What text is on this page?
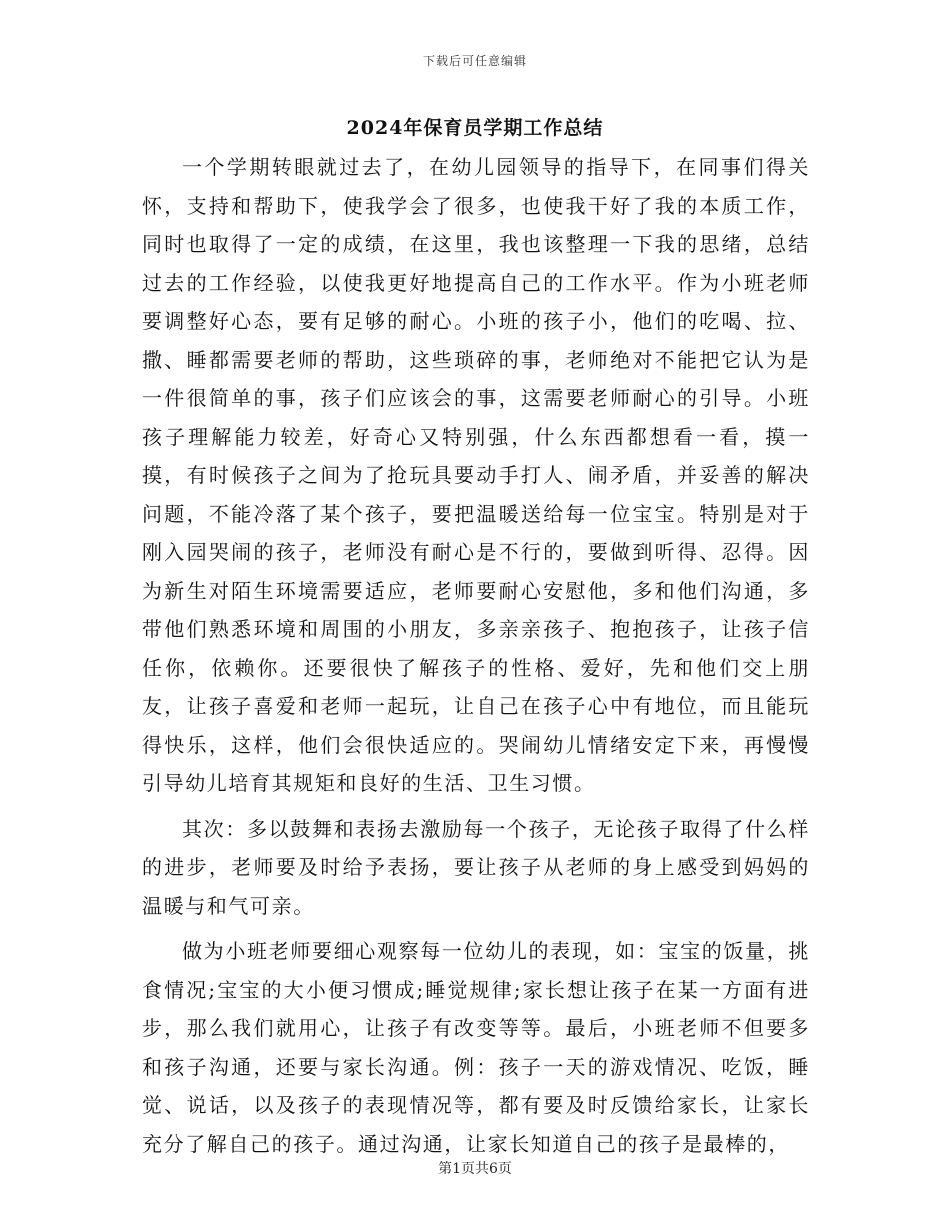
下载后可任意编辑
2024年保育员学期工作总结

一个学期转眼就过去了，在幼儿园领导的指导下，在同事们得关怀，支持和帮助下，使我学会了很多，也使我干好了我的本质工作，同时也取得了一定的成绩，在这里，我也该整理一下我的思绪，总结过去的工作经验，以使我更好地提高自己的工作水平。作为小班老师要调整好心态，要有足够的耐心。小班的孩子小，他们的吃喝、拉、撒、睡都需要老师的帮助，这些琐碎的事，老师绝对不能把它认为是一件很简单的事，孩子们应该会的事，这需要老师耐心的引导。小班孩子理解能力较差，好奇心又特别强，什么东西都想看一看，摸一摸，有时候孩子之间为了抢玩具要动手打人、闹矛盾，并妥善的解决问题，不能冷落了某个孩子，要把温暖送给每一位宝宝。特别是对于刚入园哭闹的孩子，老师没有耐心是不行的，要做到听得、忍得。因为新生对陌生环境需要适应，老师要耐心安慰他，多和他们沟通，多带他们熟悉环境和周围的小朋友，多亲亲孩子、抱抱孩子，让孩子信任你，依赖你。还要很快了解孩子的性格、爱好，先和他们交上朋友，让孩子喜爱和老师一起玩，让自己在孩子心中有地位，而且能玩得快乐，这样，他们会很快适应的。哭闹幼儿情绪安定下来，再慢慢引导幼儿培育其规矩和良好的生活、卫生习惯。

其次：多以鼓舞和表扬去激励每一个孩子，无论孩子取得了什么样的进步，老师要及时给予表扬，要让孩子从老师的身上感受到妈妈的温暖与和气可亲。

做为小班老师要细心观察每一位幼儿的表现，如：宝宝的饭量，挑食情况;宝宝的大小便习惯成;睡觉规律;家长想让孩子在某一方面有进步，那么我们就用心，让孩子有改变等等。最后，小班老师不但要多和孩子沟通，还要与家长沟通。例：孩子一天的游戏情况、吃饭，睡觉、说话，以及孩子的表现情况等，都有要及时反馈给家长，让家长充分了解自己的孩子。通过沟通，让家长知道自己的孩子是最棒的，

第1页共6页
